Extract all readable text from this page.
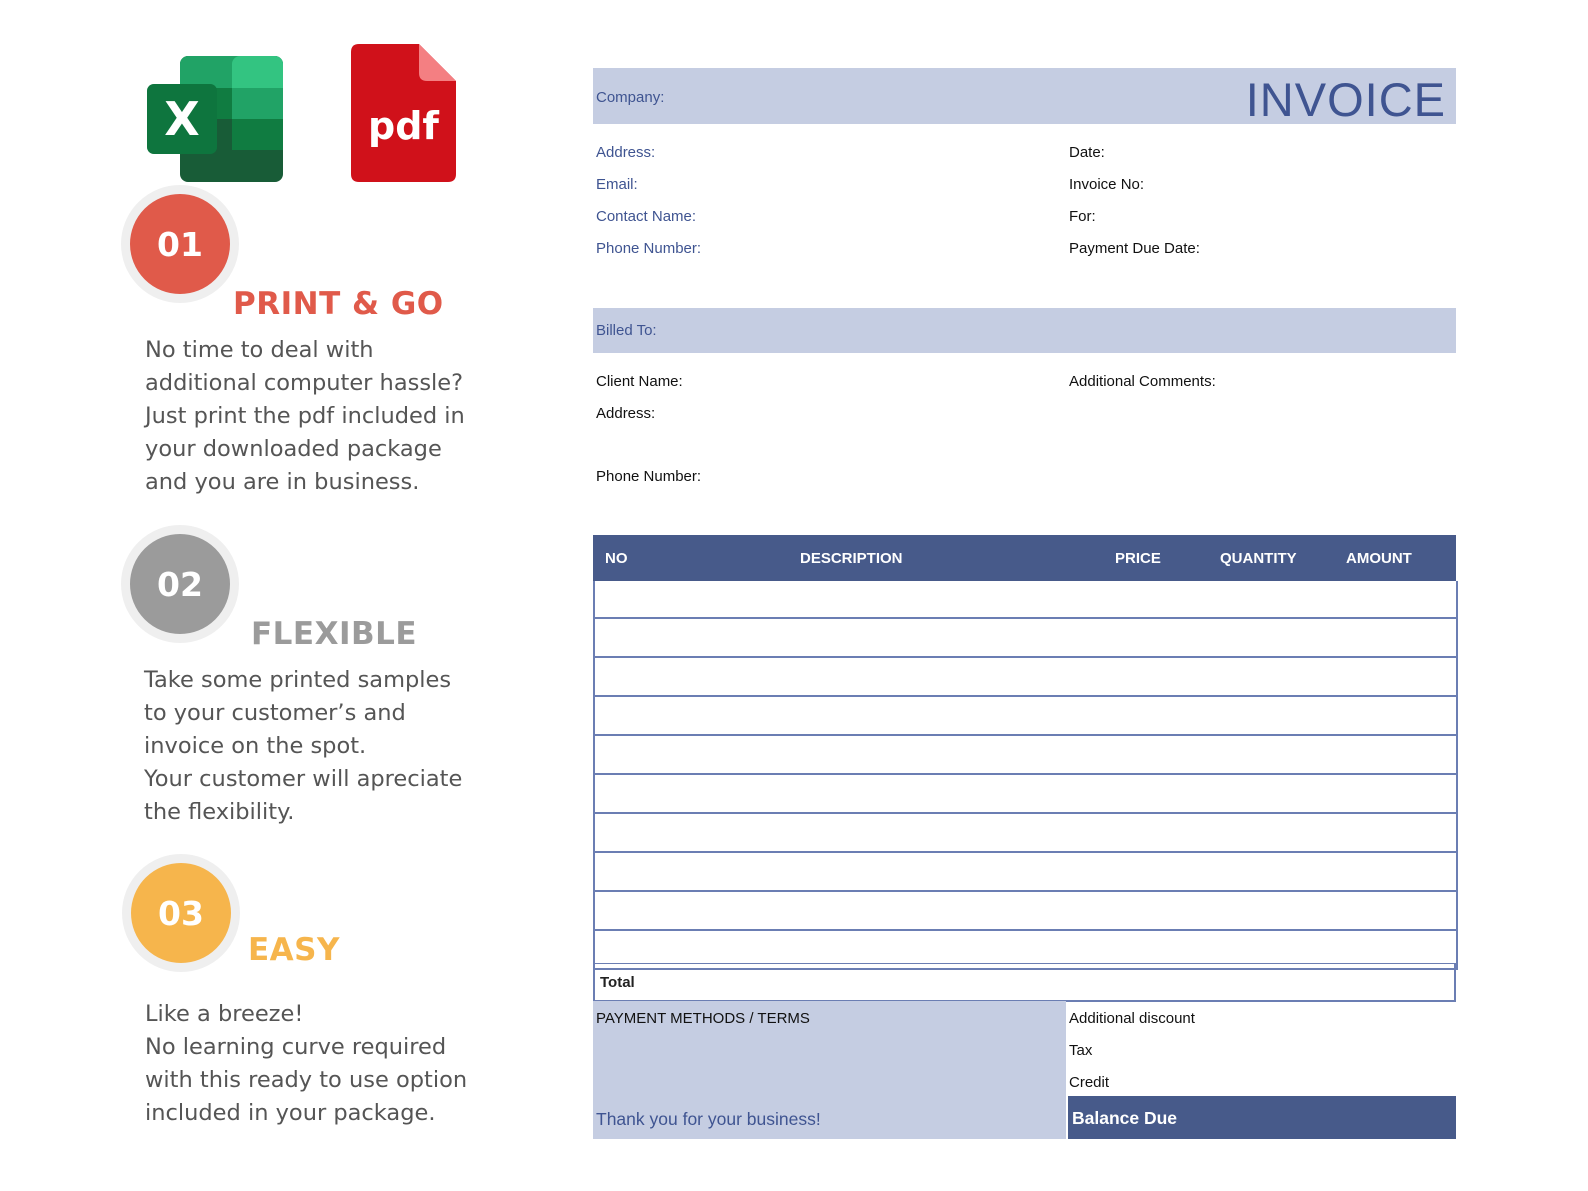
X	pdf
01
PRINT & GO
No time to deal with
additional computer hassle?
Just print the pdf included in
your downloaded package
and you are in business.
02
FLEXIBLE
Take some printed samples
to your customer’s and
invoice on the spot.
Your customer will apreciate
the flexibility.
03
EASY
Like a breeze!
No learning curve required
with this ready to use option
included in your package.
Company:	INVOICE
Address:
Email:
Contact Name:
Phone Number:
Date:
Invoice No:
For:
Payment Due Date:
Billed To:
Client Name:
Address:
Phone Number:
Additional Comments:
NO	DESCRIPTION	PRICE	QUANTITY	AMOUNT
Total
PAYMENT METHODS / TERMS
Thank you for your business!
Additional discount
Tax
Credit
Balance Due
